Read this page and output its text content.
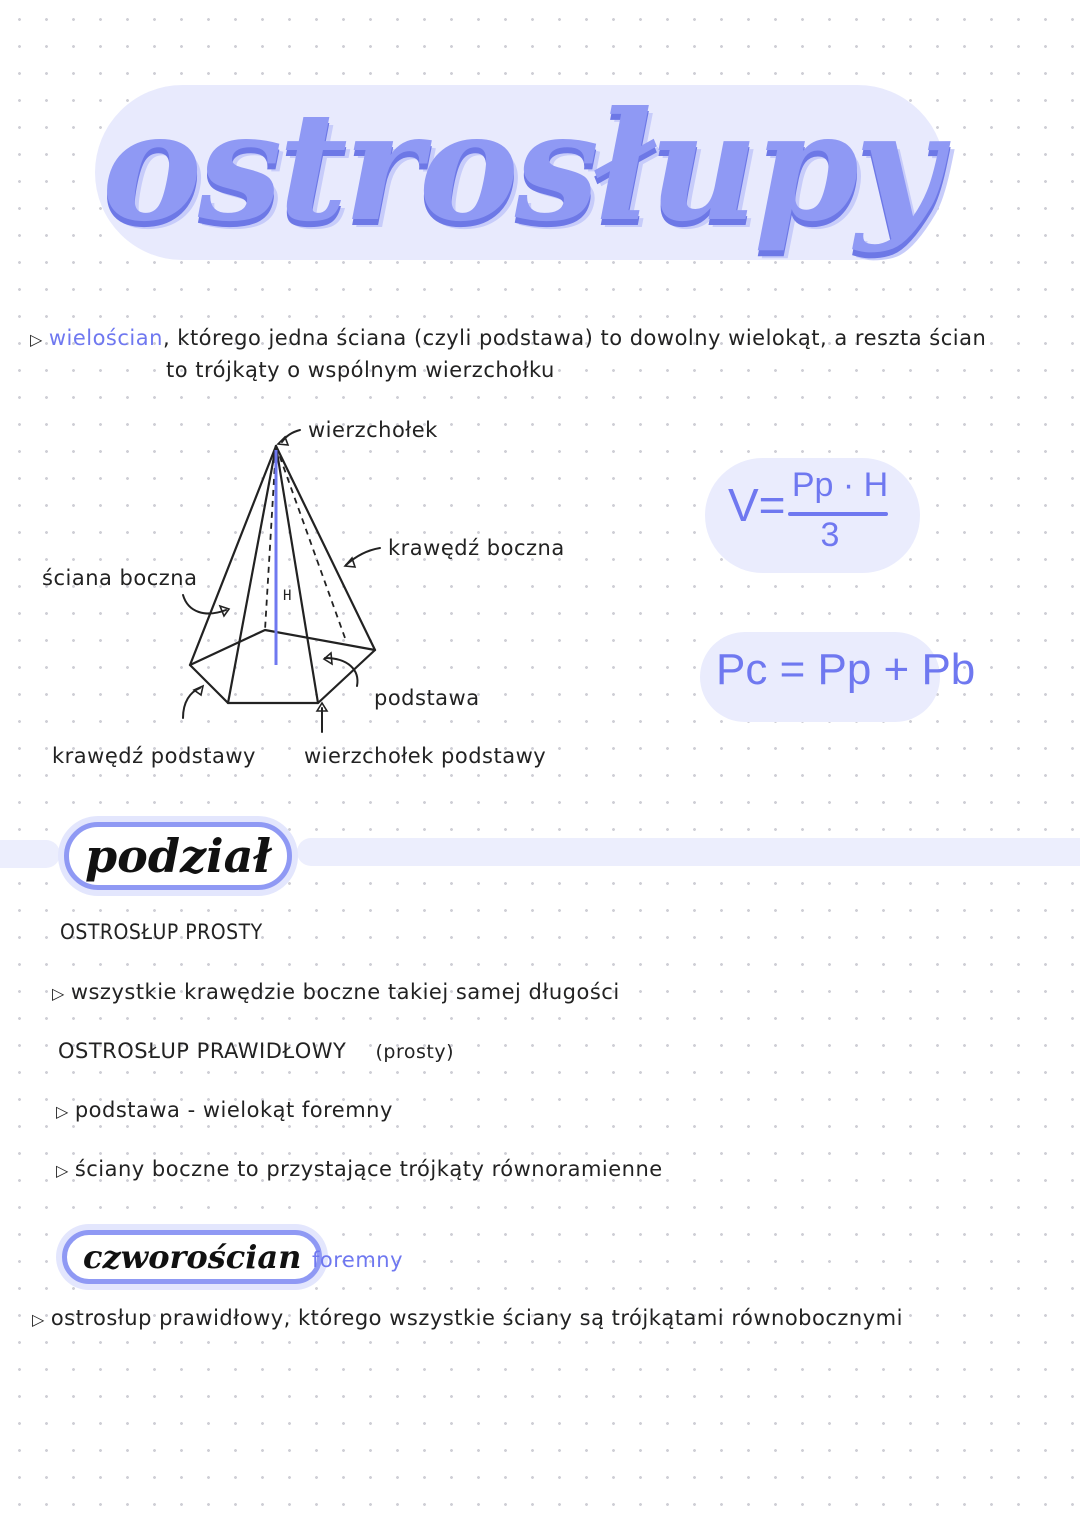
ostrosłupy
▷ wielościan, którego jedna ściana (czyli podstawa) to dowolny wielokąt, a reszta ścian
to trójkąty o wspólnym wierzchołku
H
wierzchołek
krawędź boczna
ściana boczna
podstawa
krawędź podstawy wierzchołek podstawy
V= Pp · H
3
Pc = Pp + Pb
podział
OSTROSŁUP PROSTY
▷ wszystkie krawędzie boczne takiej samej długości
OSTROSŁUP PRAWIDŁOWY (prosty)
▷ podstawa - wielokąt foremny
▷ ściany boczne to przystające trójkąty równoramienne
czworościan foremny
▷ ostrosłup prawidłowy, którego wszystkie ściany są trójkątami równobocznymi
